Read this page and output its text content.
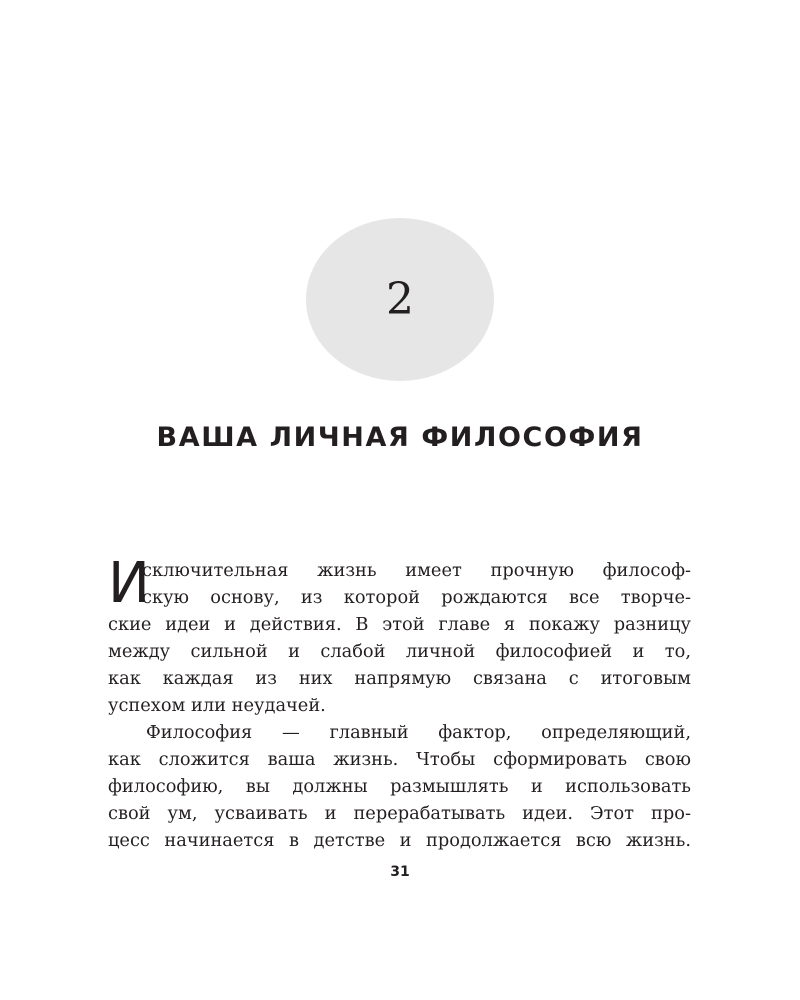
2
ВАША ЛИЧНАЯ ФИЛОСОФИЯ
И
сключительная жизнь имеет прочную философ-
скую основу, из которой рождаются все творче-
ские идеи и действия. В этой главе я покажу разницу
между сильной и слабой личной философией и то,
как каждая из них напрямую связана с итоговым
успехом или неудачей.
Философия — главный фактор, определяющий,
как сложится ваша жизнь. Чтобы сформировать свою
философию, вы должны размышлять и использовать
свой ум, усваивать и перерабатывать идеи. Этот про-
цесс начинается в детстве и продолжается всю жизнь.
31
